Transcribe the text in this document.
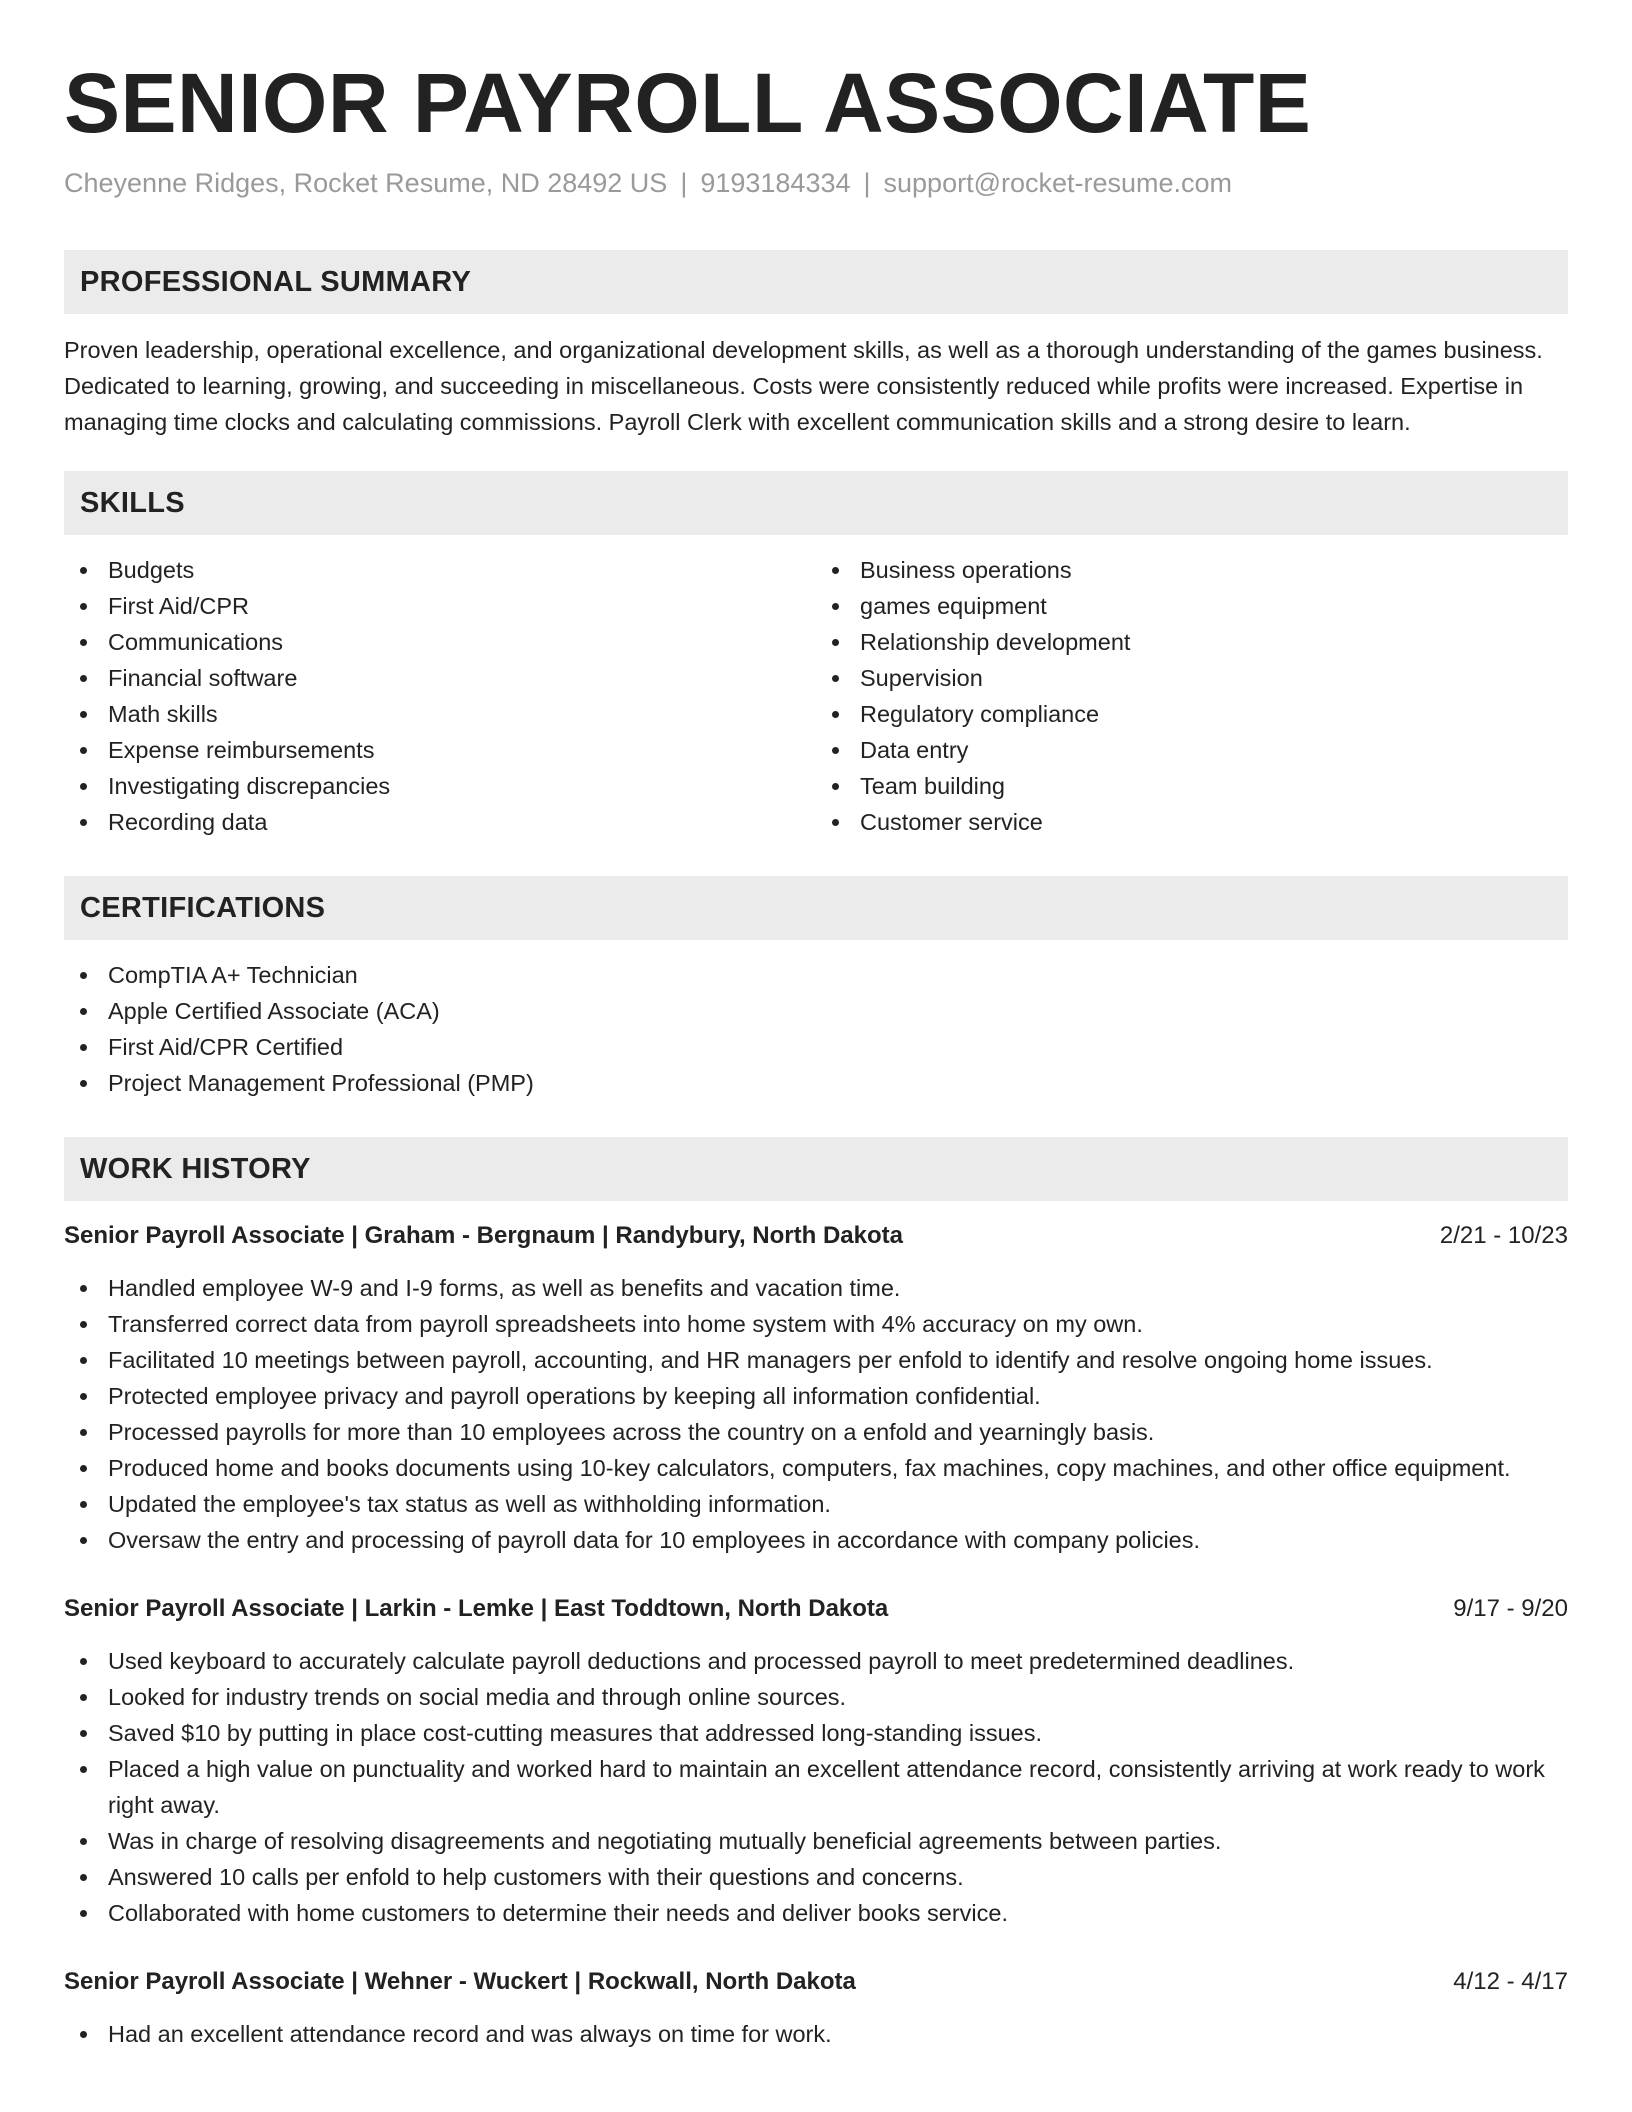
SENIOR PAYROLL ASSOCIATE
Cheyenne Ridges, Rocket Resume, ND 28492 US | 9193184334 | support@rocket-resume.com
PROFESSIONAL SUMMARY

Proven leadership, operational excellence, and organizational development skills, as well as a thorough understanding of the games business. Dedicated to learning, growing, and succeeding in miscellaneous. Costs were consistently reduced while profits were increased. Expertise in managing time clocks and calculating commissions. Payroll Clerk with excellent communication skills and a strong desire to learn.

SKILLS
Budgets
First Aid/CPR
Communications
Financial software
Math skills
Expense reimbursements
Investigating discrepancies
Recording data
Business operations
games equipment
Relationship development
Supervision
Regulatory compliance
Data entry
Team building
Customer service
CERTIFICATIONS
CompTIA A+ Technician
Apple Certified Associate (ACA)
First Aid/CPR Certified
Project Management Professional (PMP)
WORK HISTORY
Senior Payroll Associate | Graham - Bergnaum | Randybury, North Dakota	2/21 - 10/23
Handled employee W-9 and I-9 forms, as well as benefits and vacation time.
Transferred correct data from payroll spreadsheets into home system with 4% accuracy on my own.
Facilitated 10 meetings between payroll, accounting, and HR managers per enfold to identify and resolve ongoing home issues.
Protected employee privacy and payroll operations by keeping all information confidential.
Processed payrolls for more than 10 employees across the country on a enfold and yearningly basis.
Produced home and books documents using 10-key calculators, computers, fax machines, copy machines, and other office equipment.
Updated the employee's tax status as well as withholding information.
Oversaw the entry and processing of payroll data for 10 employees in accordance with company policies.
Senior Payroll Associate | Larkin - Lemke | East Toddtown, North Dakota	9/17 - 9/20
Used keyboard to accurately calculate payroll deductions and processed payroll to meet predetermined deadlines.
Looked for industry trends on social media and through online sources.
Saved $10 by putting in place cost-cutting measures that addressed long-standing issues.
Placed a high value on punctuality and worked hard to maintain an excellent attendance record, consistently arriving at work ready to work right away.
Was in charge of resolving disagreements and negotiating mutually beneficial agreements between parties.
Answered 10 calls per enfold to help customers with their questions and concerns.
Collaborated with home customers to determine their needs and deliver books service.
Senior Payroll Associate | Wehner - Wuckert | Rockwall, North Dakota	4/12 - 4/17
Had an excellent attendance record and was always on time for work.
